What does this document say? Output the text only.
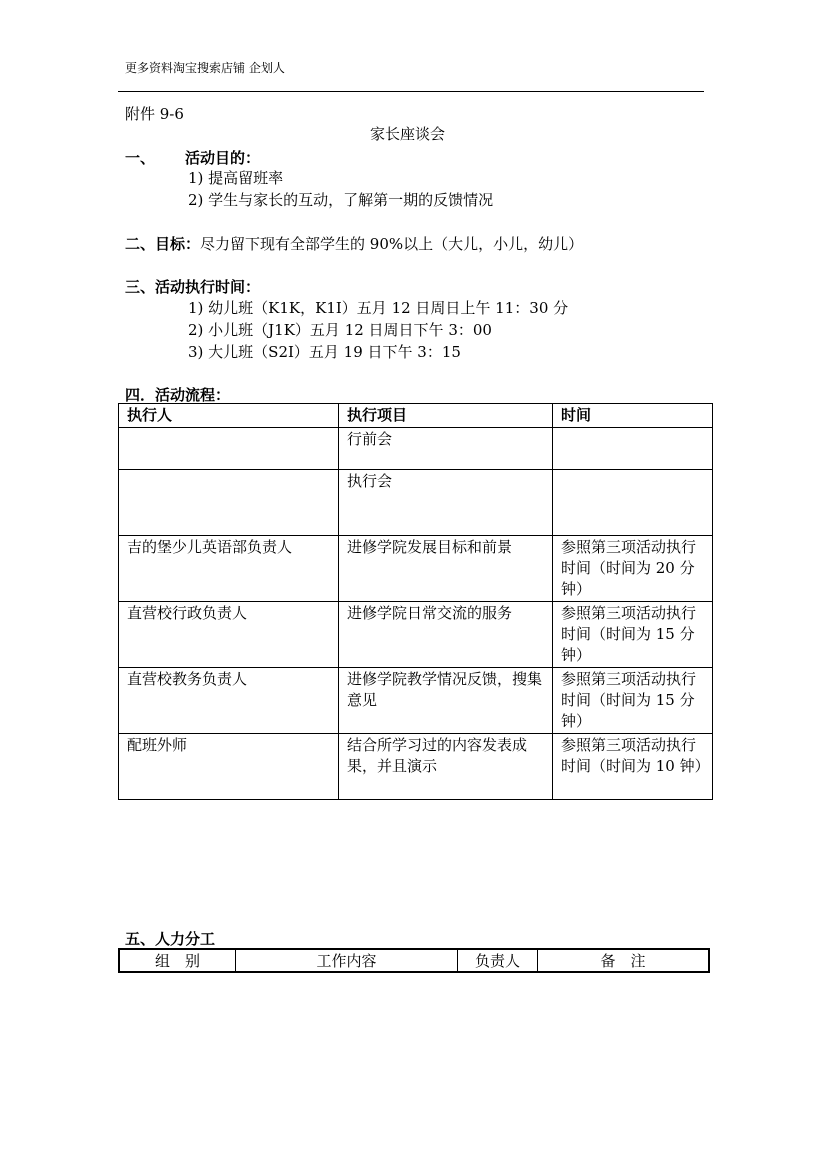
更多资料淘宝搜索店铺 企划人
附件 9-6
家长座谈会
一、 活动目的：
1) 提高留班率
2) 学生与家长的互动，了解第一期的反馈情况
二、目标：尽力留下现有全部学生的 90%以上（大儿，小儿，幼儿）
三、活动执行时间：
1) 幼儿班（K1K，K1I）五月 12 日周日上午 11：30 分
2) 小儿班（J1K）五月 12 日周日下午 3：00
3) 大儿班（S2I）五月 19 日下午 3：15
四．活动流程：
执行人	执行项目	时间
	行前会	
	执行会	
吉的堡少儿英语部负责人	进修学院发展目标和前景	参照第三项活动执行时间（时间为 20 分钟）
直营校行政负责人	进修学院日常交流的服务	参照第三项活动执行时间（时间为 15 分钟）
直营校教务负责人	进修学院教学情况反馈，搜集意见	参照第三项活动执行时间（时间为 15 分钟）
配班外师	结合所学习过的内容发表成果，并且演示	参照第三项活动执行时间（时间为 10 钟）
五、人力分工
组　别	工作内容	负责人	备　注
